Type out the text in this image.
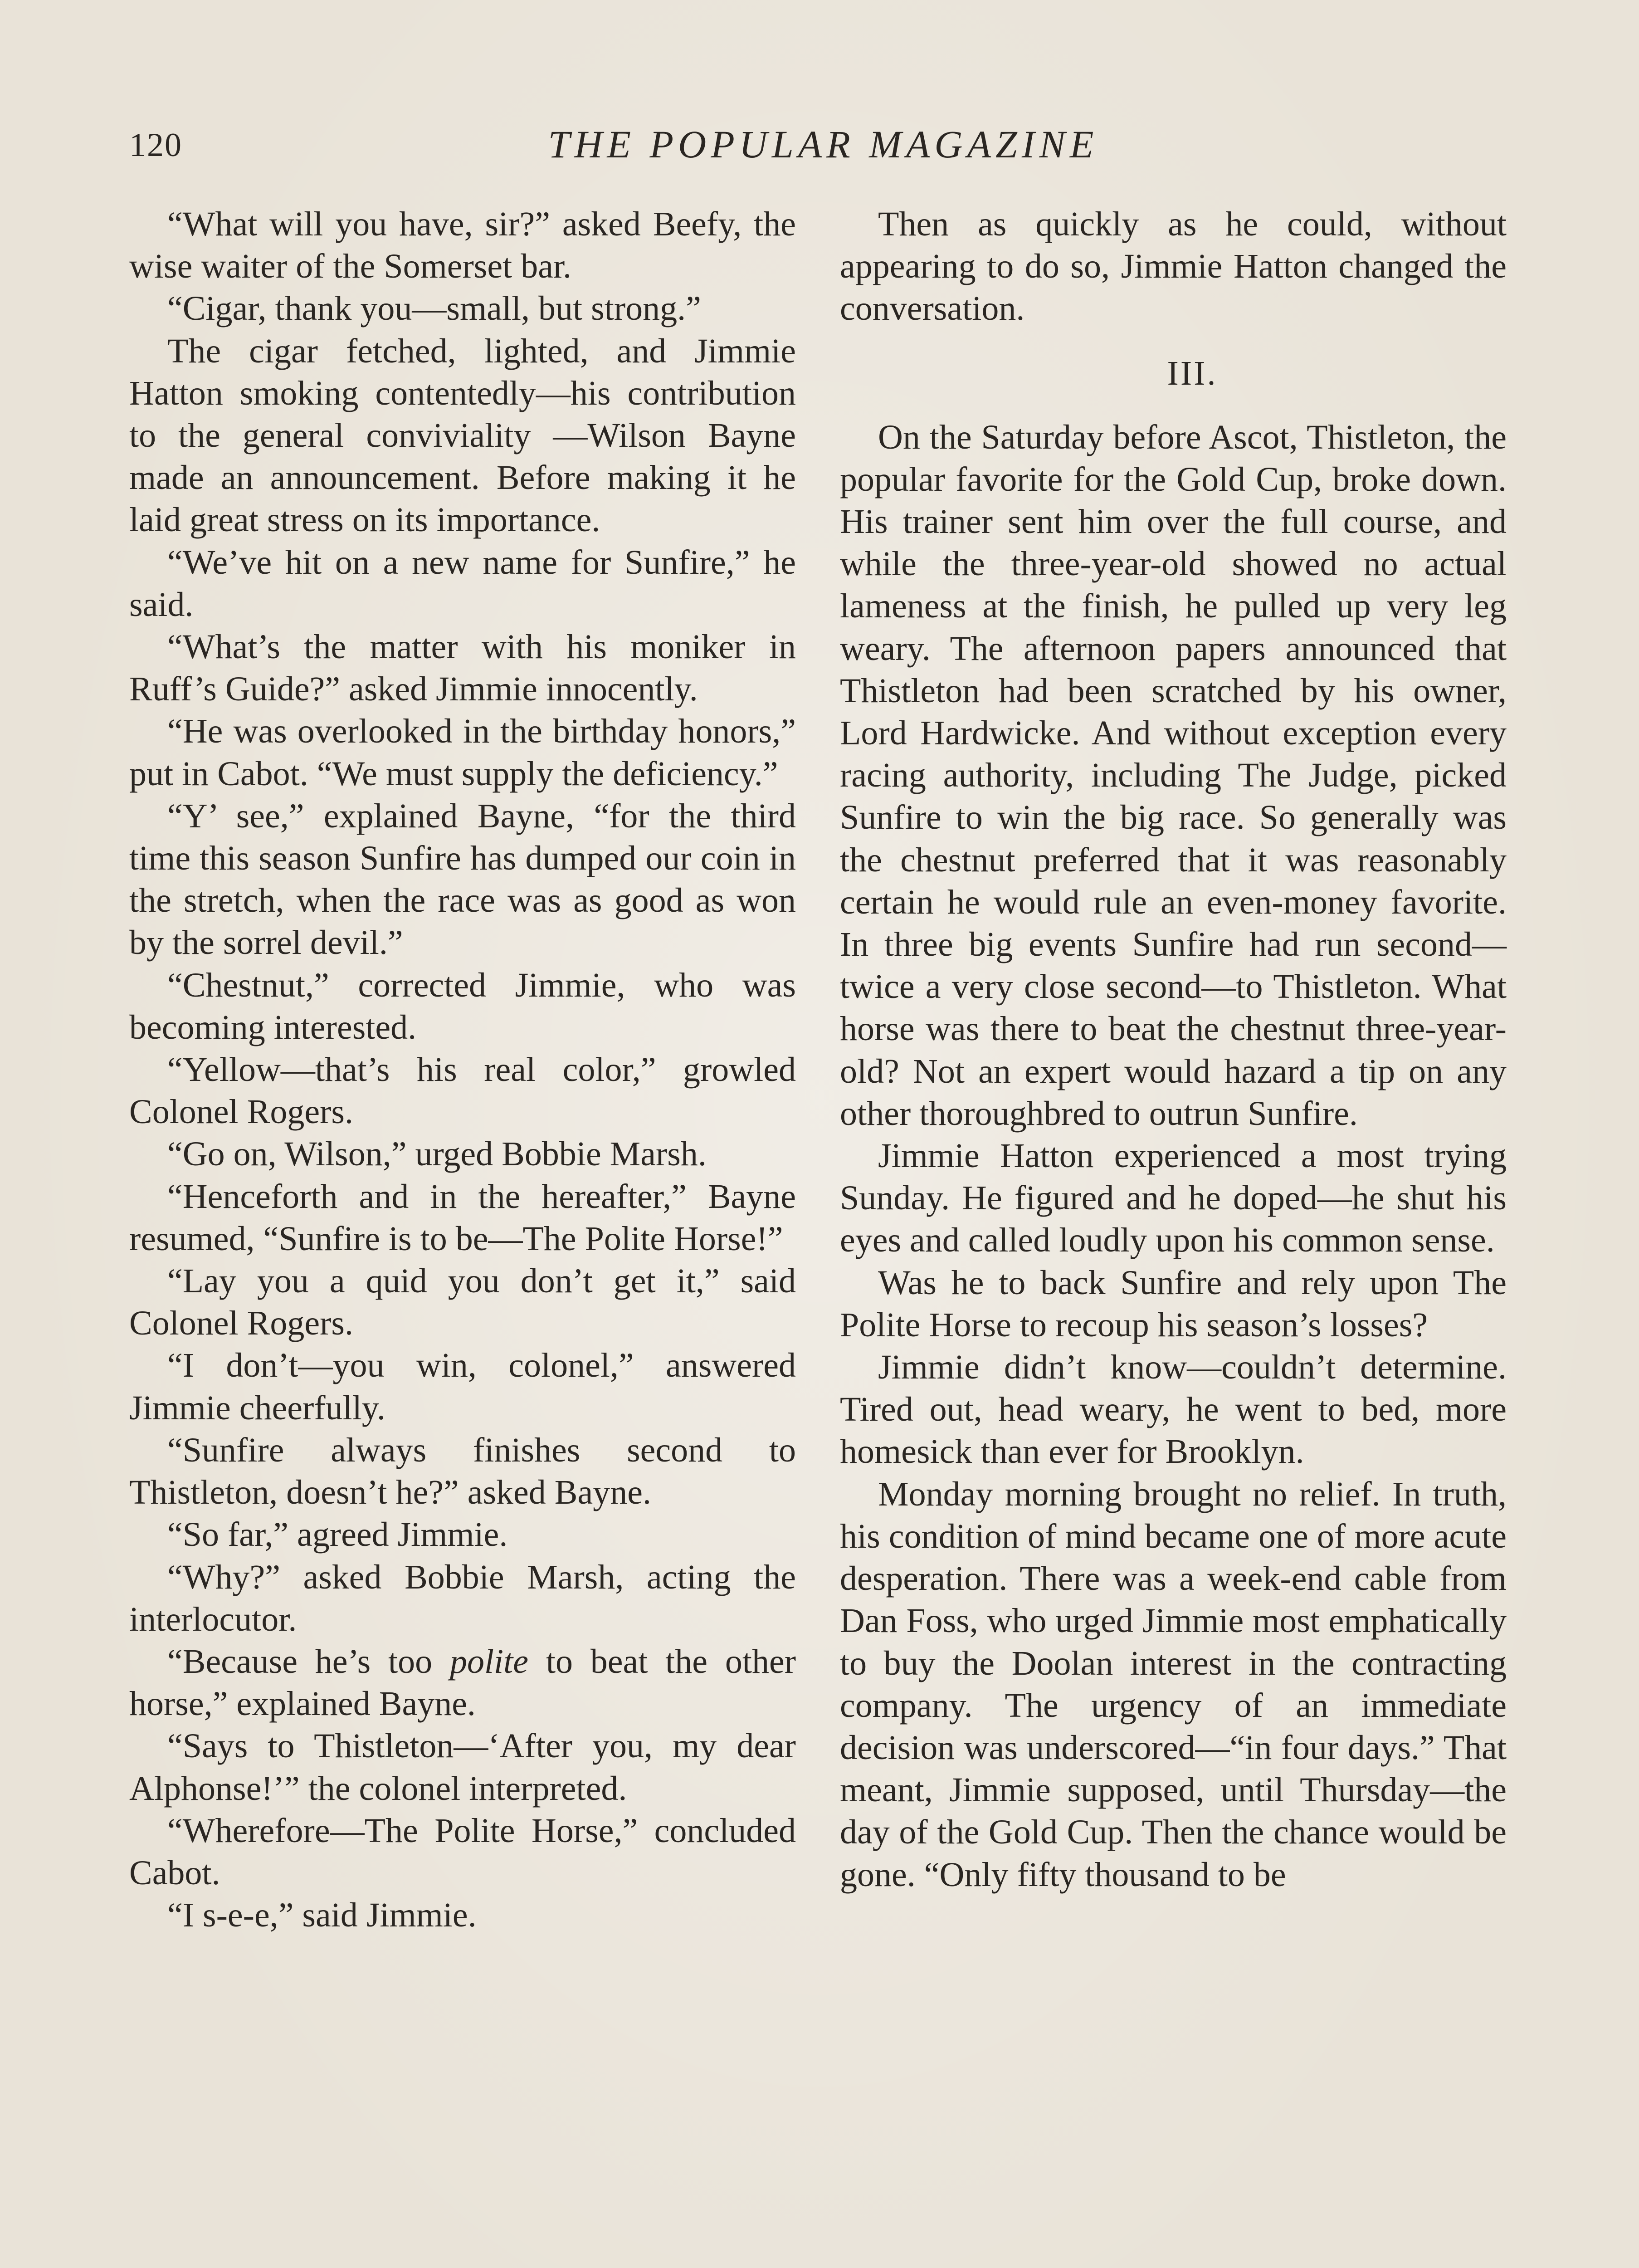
120	THE POPULAR MAGAZINE

“What will you have, sir?” asked Beefy, the wise waiter of the Somerset bar.

“Cigar, thank you—small, but strong.”

The cigar fetched, lighted, and Jimmie Hatton smoking contentedly—his contribution to the general conviviality —Wilson Bayne made an announcement. Before making it he laid great stress on its importance.

“We’ve hit on a new name for Sunfire,” he said.

“What’s the matter with his moniker in Ruff’s Guide?” asked Jimmie innocently.

“He was overlooked in the birthday honors,” put in Cabot. “We must supply the deficiency.”

“Y’ see,” explained Bayne, “for the third time this season Sunfire has dumped our coin in the stretch, when the race was as good as won by the sorrel devil.”

“Chestnut,” corrected Jimmie, who was becoming interested.

“Yellow—that’s his real color,” growled Colonel Rogers.

“Go on, Wilson,” urged Bobbie Marsh.

“Henceforth and in the hereafter,” Bayne resumed, “Sunfire is to be—The Polite Horse!”

“Lay you a quid you don’t get it,” said Colonel Rogers.

“I don’t—you win, colonel,” answered Jimmie cheerfully.

“Sunfire always finishes second to Thistleton, doesn’t he?” asked Bayne.

“So far,” agreed Jimmie.

“Why?” asked Bobbie Marsh, acting the interlocutor.

“Because he’s too polite to beat the other horse,” explained Bayne.

“Says to Thistleton—‘After you, my dear Alphonse!’” the colonel interpreted.

“Wherefore—The Polite Horse,” concluded Cabot.

“I s-e-e,” said Jimmie.

Then as quickly as he could, without appearing to do so, Jimmie Hatton changed the conversation.

III.

On the Saturday before Ascot, Thistleton, the popular favorite for the Gold Cup, broke down. His trainer sent him over the full course, and while the three-year-old showed no actual lameness at the finish, he pulled up very leg weary. The afternoon papers announced that Thistleton had been scratched by his owner, Lord Hardwicke. And without exception every racing authority, including The Judge, picked Sunfire to win the big race. So generally was the chestnut preferred that it was reasonably certain he would rule an even-money favorite. In three big events Sunfire had run second—twice a very close second—to Thistleton. What horse was there to beat the chestnut three-year-old? Not an expert would hazard a tip on any other thoroughbred to outrun Sunfire.

Jimmie Hatton experienced a most trying Sunday. He figured and he doped—he shut his eyes and called loudly upon his common sense.

Was he to back Sunfire and rely upon The Polite Horse to recoup his season’s losses?

Jimmie didn’t know—couldn’t determine. Tired out, head weary, he went to bed, more homesick than ever for Brooklyn.

Monday morning brought no relief. In truth, his condition of mind became one of more acute desperation. There was a week-end cable from Dan Foss, who urged Jimmie most emphatically to buy the Doolan interest in the contracting company. The urgency of an immediate decision was underscored—“in four days.” That meant, Jimmie supposed, until Thursday—the day of the Gold Cup. Then the chance would be gone. “Only fifty thousand to be
